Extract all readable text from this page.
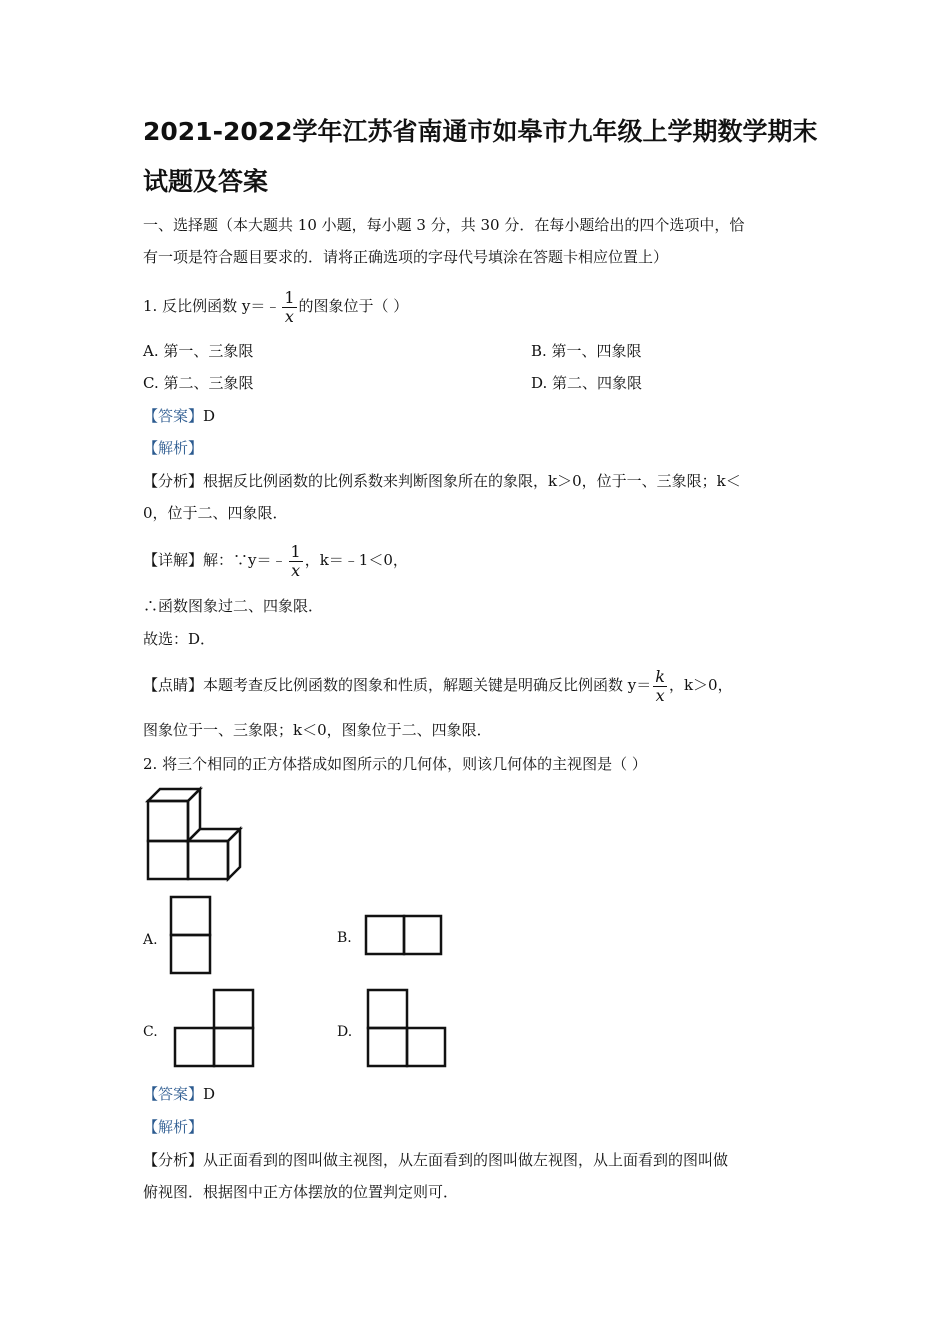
2021-2022学年江苏省南通市如皋市九年级上学期数学期末
试题及答案
一、选择题（本大题共 10 小题，每小题 3 分，共 30 分．在每小题给出的四个选项中，恰
有一项是符合题目要求的．请将正确选项的字母代号填涂在答题卡相应位置上）
1. 反比例函数 y＝﹣ $\frac{1}{x}$ 的图象位于（ ）
A. 第一、三象限	B. 第一、四象限
C. 第二、三象限	D. 第二、四象限
【答案】D
【解析】
【分析】根据反比例函数的比例系数来判断图象所在的象限，k＞0，位于一、三象限；k＜
0，位于二、四象限．
【详解】解：∵y＝﹣ $\frac{1}{x}$ ，k＝﹣1＜0，
∴函数图象过二、四象限．
故选：D．
【点睛】本题考查反比例函数的图象和性质，解题关键是明确反比例函数 $y= \frac{k}{x}$ ，k＞0，
图象位于一、三象限；k＜0，图象位于二、四象限．
2. 将三个相同的正方体搭成如图所示的几何体，则该几何体的主视图是（ ）
A.	B.
C.	D.
【答案】D
【解析】
【分析】从正面看到的图叫做主视图，从左面看到的图叫做左视图，从上面看到的图叫做
俯视图．根据图中正方体摆放的位置判定则可．
